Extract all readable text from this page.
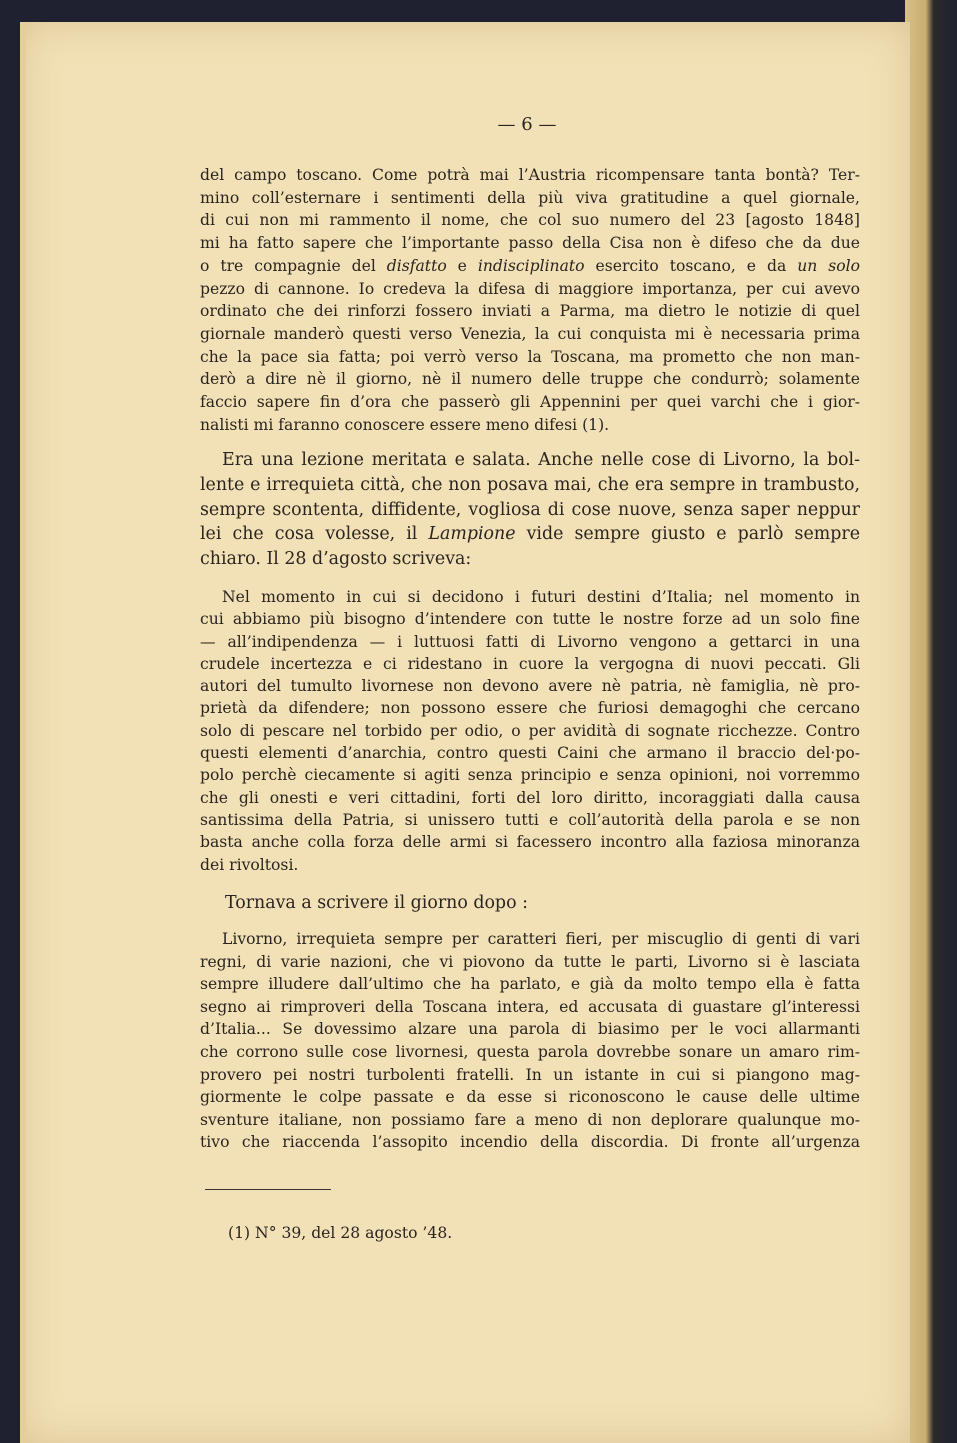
— 6 —
del campo toscano. Come potrà mai l’Austria ricompensare tanta bontà? Ter-
mino coll’esternare i sentimenti della più viva gratitudine a quel giornale,
di cui non mi rammento il nome, che col suo numero del 23 [agosto 1848]
mi ha fatto sapere che l’importante passo della Cisa non è difeso che da due
o tre compagnie del disfatto e indisciplinato esercito toscano, e da un solo
pezzo di cannone. Io credeva la difesa di maggiore importanza, per cui avevo
ordinato che dei rinforzi fossero inviati a Parma, ma dietro le notizie di quel
giornale manderò questi verso Venezia, la cui conquista mi è necessaria prima
che la pace sia fatta; poi verrò verso la Toscana, ma prometto che non man-
derò a dire nè il giorno, nè il numero delle truppe che condurrò; solamente
faccio sapere fin d’ora che passerò gli Appennini per quei varchi che i gior-
nalisti mi faranno conoscere essere meno difesi (1).
Era una lezione meritata e salata. Anche nelle cose di Livorno, la bol-
lente e irrequieta città, che non posava mai, che era sempre in trambusto,
sempre scontenta, diffidente, vogliosa di cose nuove, senza saper neppur
lei che cosa volesse, il Lampione vide sempre giusto e parlò sempre
chiaro. Il 28 d’agosto scriveva:
Nel momento in cui si decidono i futuri destini d’Italia; nel momento in
cui abbiamo più bisogno d’intendere con tutte le nostre forze ad un solo fine
— all’indipendenza — i luttuosi fatti di Livorno vengono a gettarci in una
crudele incertezza e ci ridestano in cuore la vergogna di nuovi peccati. Gli
autori del tumulto livornese non devono avere nè patria, nè famiglia, nè pro-
prietà da difendere; non possono essere che furiosi demagoghi che cercano
solo di pescare nel torbido per odio, o per avidità di sognate ricchezze. Contro
questi elementi d’anarchia, contro questi Caini che armano il braccio del·po-
polo perchè ciecamente si agiti senza principio e senza opinioni, noi vorremmo
che gli onesti e veri cittadini, forti del loro diritto, incoraggiati dalla causa
santissima della Patria, si unissero tutti e coll’autorità della parola e se non
basta anche colla forza delle armi si facessero incontro alla faziosa minoranza
dei rivoltosi.
Tornava a scrivere il giorno dopo :
Livorno, irrequieta sempre per caratteri fieri, per miscuglio di genti di vari
regni, di varie nazioni, che vi piovono da tutte le parti, Livorno si è lasciata
sempre illudere dall’ultimo che ha parlato, e già da molto tempo ella è fatta
segno ai rimproveri della Toscana intera, ed accusata di guastare gl’interessi
d’Italia... Se dovessimo alzare una parola di biasimo per le voci allarmanti
che corrono sulle cose livornesi, questa parola dovrebbe sonare un amaro rim-
provero pei nostri turbolenti fratelli. In un istante in cui si piangono mag-
giormente le colpe passate e da esse si riconoscono le cause delle ultime
sventure italiane, non possiamo fare a meno di non deplorare qualunque mo-
tivo che riaccenda l’assopito incendio della discordia. Di fronte all’urgenza
(1) N° 39, del 28 agosto ’48.
